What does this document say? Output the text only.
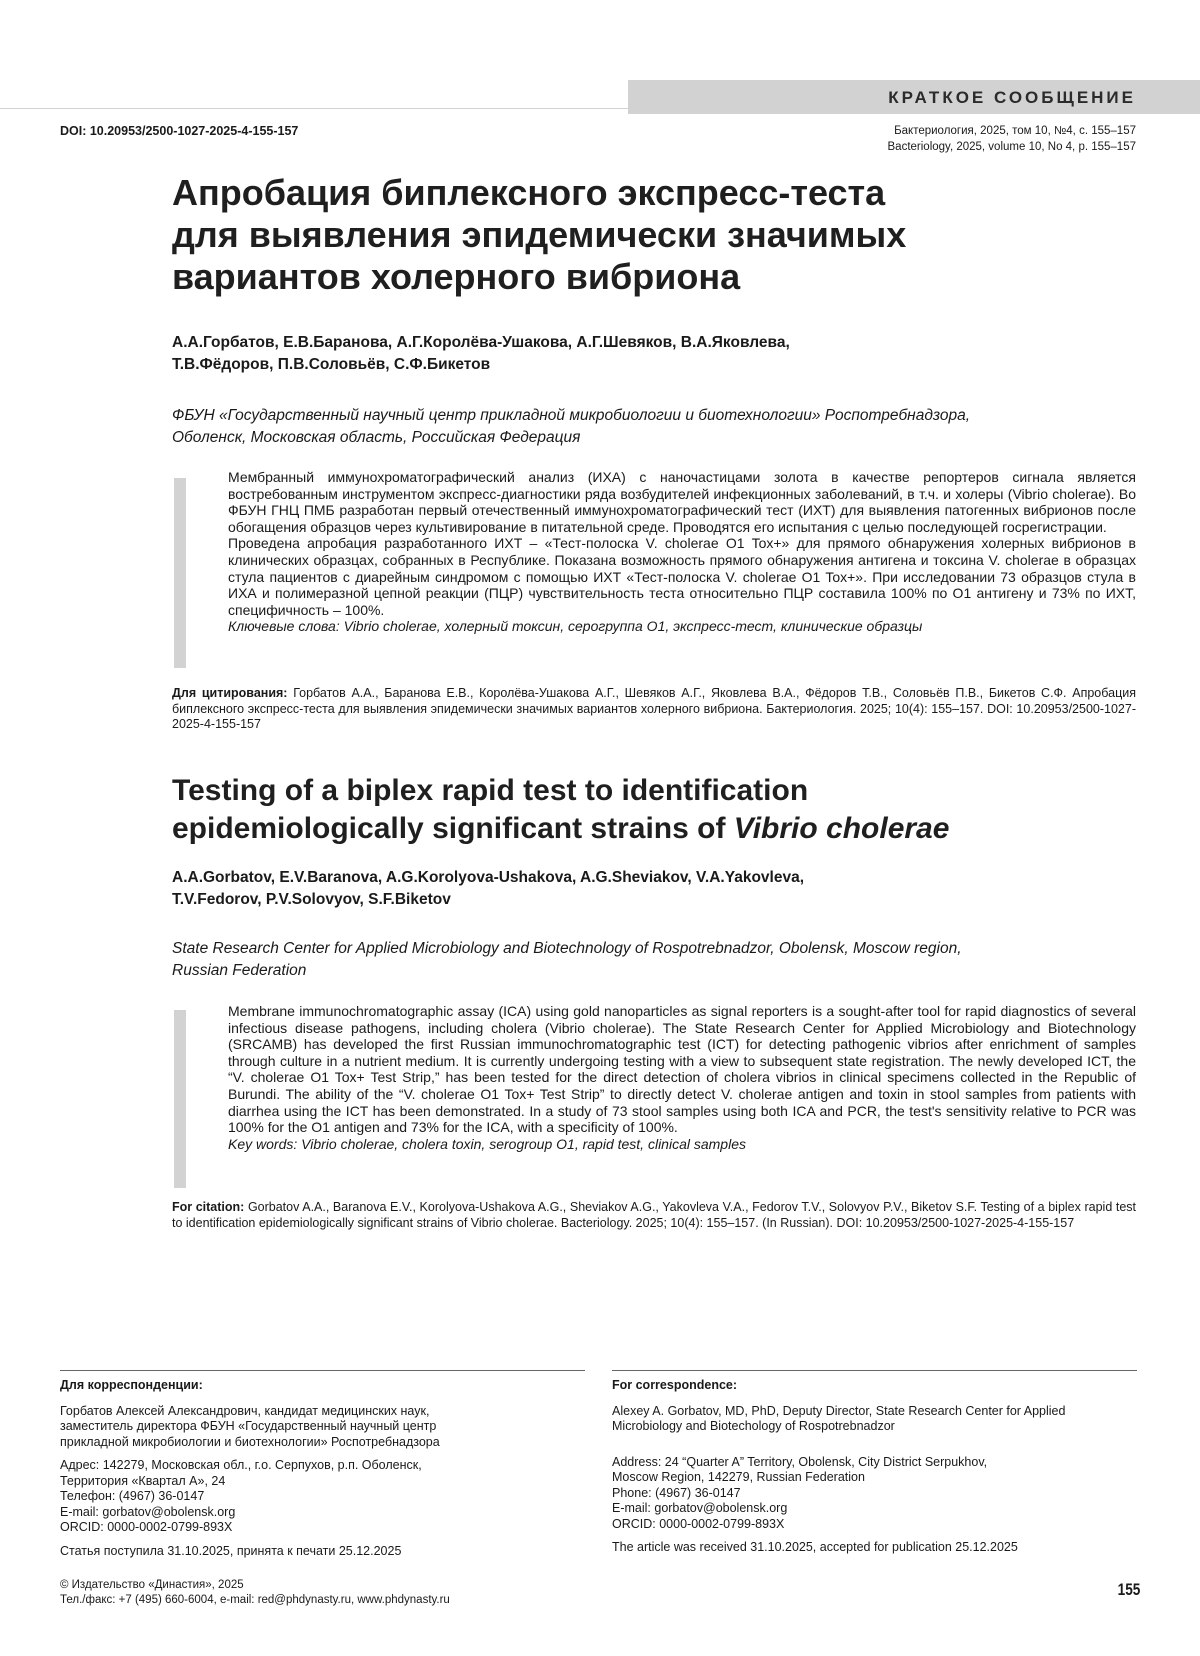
КРАТКОЕ СООБЩЕНИЕ
DOI: 10.20953/2500-1027-2025-4-155-157	Бактериология, 2025, том 10, №4, с. 155–157
Bacteriology, 2025, volume 10, No 4, p. 155–157
Апробация биплексного экспресс-теста
для выявления эпидемически значимых
вариантов холерного вибриона
А.А.Горбатов, Е.В.Баранова, А.Г.Королёва-Ушакова, А.Г.Шевяков, В.А.Яковлева,
Т.В.Фёдоров, П.В.Соловьёв, С.Ф.Бикетов
ФБУН «Государственный научный центр прикладной микробиологии и биотехнологии» Роспотребнадзора,
Оболенск, Московская область, Российская Федерация

Мембранный иммунохроматографический анализ (ИХА) с наночастицами золота в качестве репортеров сигнала является востребованным инструментом экспресс-диагностики ряда возбудителей инфекционных заболеваний, в т.ч. и холеры (Vibrio cholerae). Во ФБУН ГНЦ ПМБ разработан первый отечественный иммунохроматографический тест (ИХТ) для выявления патогенных вибрионов после обогащения образцов через культивирование в питательной среде. Проводятся его испытания с целью последующей госрегистрации.

Проведена апробация разработанного ИХТ – «Тест-полоска V. cholerae O1 Tox+» для прямого обнаружения холерных вибрионов в клинических образцах, собранных в Республике. Показана возможность прямого обнаружения антигена и токсина V. cholerae в образцах стула пациентов с диарейным синдромом с помощью ИХТ «Тест-полоска V. cholerae O1 Tox+». При исследовании 73 образцов стула в ИХА и полимеразной цепной реакции (ПЦР) чувствительность теста относительно ПЦР составила 100% по О1 антигену и 73% по ИХТ, специфичность – 100%.

Ключевые слова: Vibrio cholerae, холерный токсин, серогруппа О1, экспресс-тест, клинические образцы

Для цитирования: Горбатов А.А., Баранова Е.В., Королёва-Ушакова А.Г., Шевяков А.Г., Яковлева В.А., Фёдоров Т.В., Соловьёв П.В., Бикетов С.Ф. Апробация биплексного экспресс-теста для выявления эпидемически значимых вариантов холерного вибриона. Бактериология. 2025; 10(4): 155–157. DOI: 10.20953/2500-1027-2025-4-155-157
Testing of a biplex rapid test to identification
epidemiologically significant strains of Vibrio cholerae
A.A.Gorbatov, E.V.Baranova, A.G.Korolyova-Ushakova, A.G.Sheviakov, V.A.Yakovleva,
T.V.Fedorov, P.V.Solovyov, S.F.Biketov
State Research Center for Applied Microbiology and Biotechnology of Rospotrebnadzor, Obolensk, Moscow region,
Russian Federation

Membrane immunochromatographic assay (ICA) using gold nanoparticles as signal reporters is a sought-after tool for rapid diagnostics of several infectious disease pathogens, including cholera (Vibrio cholerae). The State Research Center for Applied Microbiology and Biotechnology (SRCAMB) has developed the first Russian immunochromatographic test (ICT) for detecting pathogenic vibrios after enrichment of samples through culture in a nutrient medium. It is currently undergoing testing with a view to subsequent state registration. The newly developed ICT, the “V. cholerae O1 Tox+ Test Strip,” has been tested for the direct detection of cholera vibrios in clinical specimens collected in the Republic of Burundi. The ability of the “V. cholerae O1 Tox+ Test Strip” to directly detect V. cholerae antigen and toxin in stool samples from patients with diarrhea using the ICT has been demonstrated. In a study of 73 stool samples using both ICA and PCR, the test's sensitivity relative to PCR was 100% for the O1 antigen and 73% for the ICA, with a specificity of 100%.

Key words: Vibrio cholerae, cholera toxin, serogroup O1, rapid test, clinical samples

For citation: Gorbatov A.A., Baranova E.V., Korolyova-Ushakova A.G., Sheviakov A.G., Yakovleva V.A., Fedorov T.V., Solovyov P.V., Biketov S.F. Testing of a biplex rapid test to identification epidemiologically significant strains of Vibrio cholerae. Bacteriology. 2025; 10(4): 155–157. (In Russian). DOI: 10.20953/2500-1027-2025-4-155-157
Для корреспонденции:
Горбатов Алексей Александрович, кандидат медицинских наук,
заместитель директора ФБУН «Государственный научный центр
прикладной микробиологии и биотехнологии» Роспотребнадзора
Адрес: 142279, Московская обл., г.о. Серпухов, р.п. Оболенск,
Территория «Квартал А», 24
Телефон: (4967) 36-0147
E-mail: gorbatov@obolensk.org
ORCID: 0000-0002-0799-893X
Статья поступила 31.10.2025, принята к печати 25.12.2025
For correspondence:
Alexey A. Gorbatov, MD, PhD, Deputy Director, State Research Center for Applied
Microbiology and Biotechology of Rospotrebnadzor
Address: 24 “Quarter A” Territory, Obolensk, City District Serpukhov,
Moscow Region, 142279, Russian Federation
Phone: (4967) 36-0147
E-mail: gorbatov@obolensk.org
ORCID: 0000-0002-0799-893X
The article was received 31.10.2025, accepted for publication 25.12.2025
© Издательство «Династия», 2025
Тел./факс: +7 (495) 660-6004, e-mail: red@phdynasty.ru, www.phdynasty.ru
155
